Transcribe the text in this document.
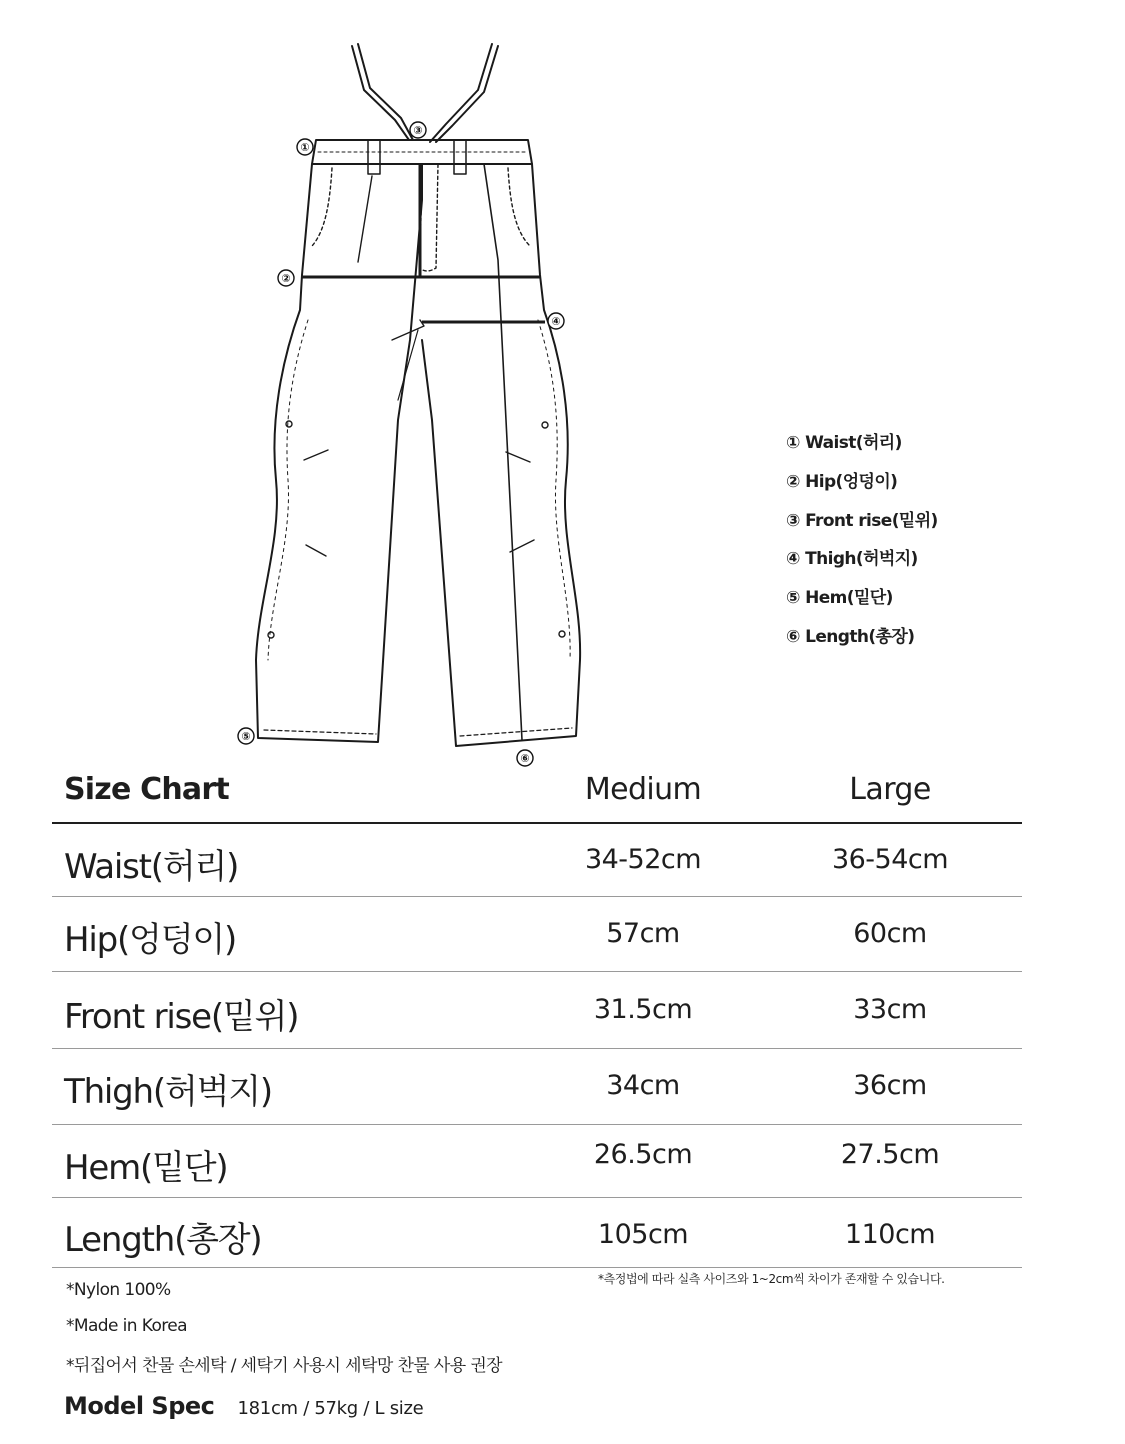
①
②
③
④
⑤
⑥
① Waist(허리)
② Hip(엉덩이)
③ Front rise(밑위)
④ Thigh(허벅지)
⑤ Hem(밑단)
⑥ Length(총장)
Size Chart	Medium	Large
Waist(허리)	34-52cm	36-54cm
Hip(엉덩이)	57cm	60cm
Front rise(밑위)	31.5cm	33cm
Thigh(허벅지)	34cm	36cm
Hem(밑단)	26.5cm	27.5cm
Length(총장)	105cm	110cm
*측정법에 따라 실측 사이즈와 1~2cm씩 차이가 존재할 수 있습니다.
*Nylon 100%
*Made in Korea
*뒤집어서 찬물 손세탁 / 세탁기 사용시 세탁망 찬물 사용 권장
Model Spec 181cm / 57kg / L size
